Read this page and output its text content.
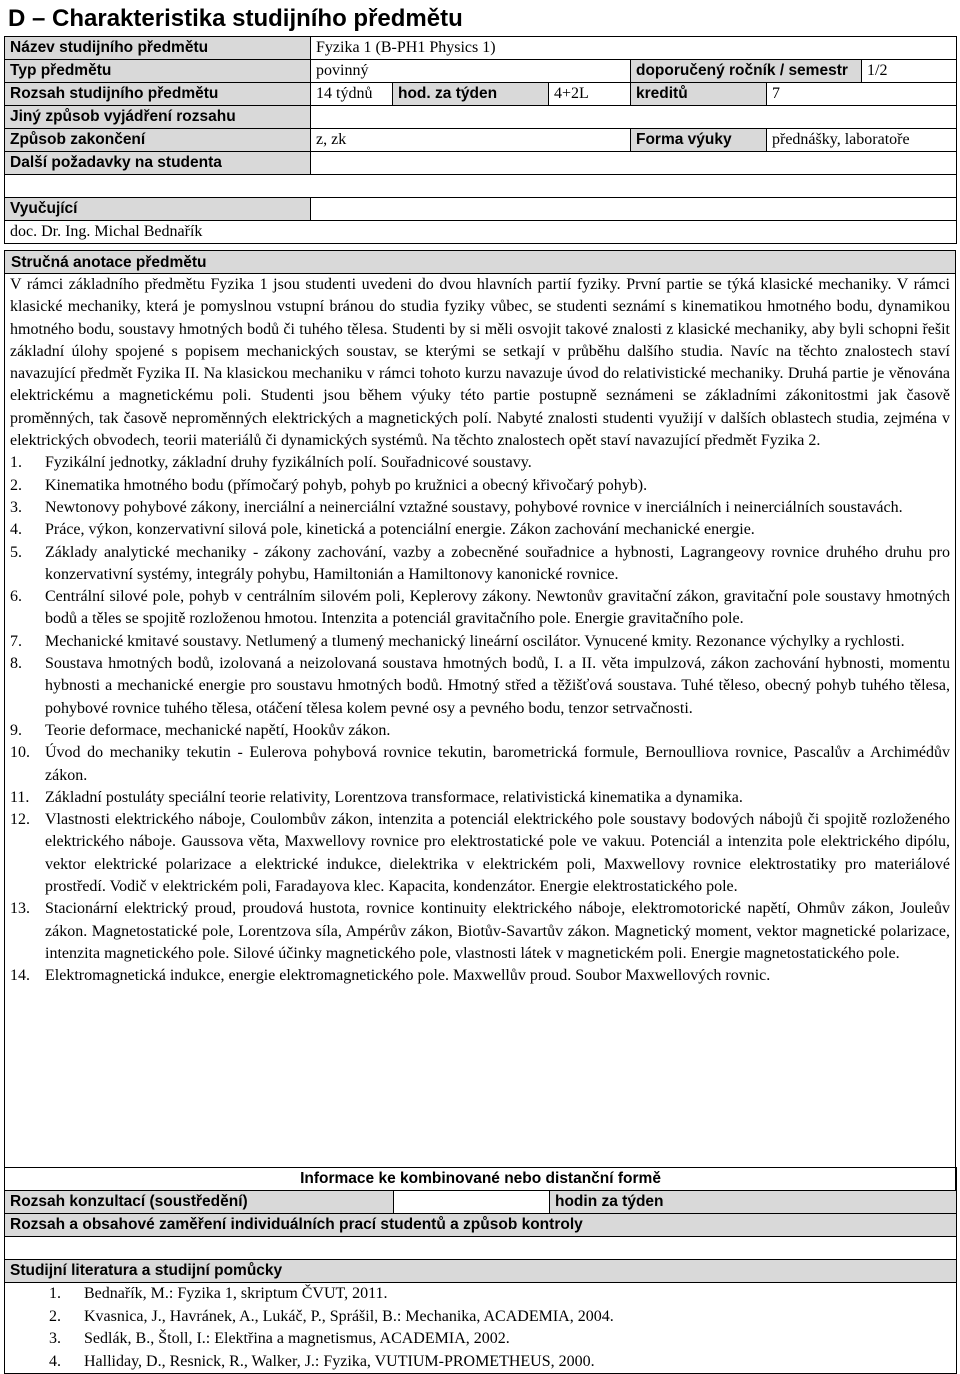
D – Charakteristika studijního předmětu
Název studijního předmětu	Fyzika 1 (B-PH1 Physics 1)					
Typ předmětu	povinný			doporučený ročník / semestr		1/2
Rozsah studijního předmětu	14 týdnů	hod. za týden	4+2L	kreditů	7	
Jiný způsob vyjádření rozsahu						
Způsob zakončení	z, zk			Forma výuky	přednášky, laboratoře	
Další požadavky na studenta						

Vyučující						
doc. Dr. Ing. Michal Bednařík						
Stručná anotace předmětu

V rámci základního předmětu Fyzika 1 jsou studenti uvedeni do dvou hlavních partií fyziky. První partie se týká klasické mechaniky. V rámci klasické mechaniky, která je pomyslnou vstupní bránou do studia fyziky vůbec, se studenti seznámí s kinematikou hmotného bodu, dynamikou hmotného bodu, soustavy hmotných bodů či tuhého tělesa. Studenti by si měli osvojit takové znalosti z klasické mechaniky, aby byli schopni řešit základní úlohy spojené s popisem mechanických soustav, se kterými se setkají v průběhu dalšího studia. Navíc na těchto znalostech staví navazující předmět Fyzika II. Na klasickou mechaniku v rámci tohoto kurzu navazuje úvod do relativistické mechaniky. Druhá partie je věnována elektrickému a magnetickému poli. Studenti jsou během výuky této partie postupně seznámeni se základními zákonitostmi jak časově proměnných, tak časově neproměnných elektrických a magnetických polí. Nabyté znalosti studenti využijí v dalších oblastech studia, zejména v elektrických obvodech, teorii materiálů či dynamických systémů. Na těchto znalostech opět staví navazující předmět Fyzika 2.

1. Fyzikální jednotky, základní druhy fyzikálních polí. Souřadnicové soustavy.
2. Kinematika hmotného bodu (přímočarý pohyb, pohyb po kružnici a obecný křivočarý pohyb).
3. Newtonovy pohybové zákony, inerciální a neinerciální vztažné soustavy, pohybové rovnice v inerciálních i neinerciálních soustavách.
4. Práce, výkon, konzervativní silová pole, kinetická a potenciální energie. Zákon zachování mechanické energie.
5. Základy analytické mechaniky - zákony zachování, vazby a zobecněné souřadnice a hybnosti, Lagrangeovy rovnice druhého druhu pro konzervativní systémy, integrály pohybu, Hamiltonián a Hamiltonovy kanonické rovnice.
6. Centrální silové pole, pohyb v centrálním silovém poli, Keplerovy zákony. Newtonův gravitační zákon, gravitační pole soustavy hmotných bodů a těles se spojitě rozloženou hmotou. Intenzita a potenciál gravitačního pole. Energie gravitačního pole.
7. Mechanické kmitavé soustavy. Netlumený a tlumený mechanický lineární oscilátor. Vynucené kmity. Rezonance výchylky a rychlosti.
8. Soustava hmotných bodů, izolovaná a neizolovaná soustava hmotných bodů, I. a II. věta impulzová, zákon zachování hybnosti, momentu hybnosti a mechanické energie pro soustavu hmotných bodů. Hmotný střed a těžišťová soustava. Tuhé těleso, obecný pohyb tuhého tělesa, pohybové rovnice tuhého tělesa, otáčení tělesa kolem pevné osy a pevného bodu, tenzor setrvačnosti.
9. Teorie deformace, mechanické napětí, Hookův zákon.
10. Úvod do mechaniky tekutin - Eulerova pohybová rovnice tekutin, barometrická formule, Bernoulliova rovnice, Pascalův a Archimédův zákon.
11. Základní postuláty speciální teorie relativity, Lorentzova transformace, relativistická kinematika a dynamika.
12. Vlastnosti elektrického náboje, Coulombův zákon, intenzita a potenciál elektrického pole soustavy bodových nábojů či spojitě rozloženého elektrického náboje. Gaussova věta, Maxwellovy rovnice pro elektrostatické pole ve vakuu. Potenciál a intenzita pole elektrického dipólu, vektor elektrické polarizace a elektrické indukce, dielektrika v elektrickém poli, Maxwellovy rovnice elektrostatiky pro materiálové prostředí. Vodič v elektrickém poli, Faradayova klec. Kapacita, kondenzátor. Energie elektrostatického pole.
13. Stacionární elektrický proud, proudová hustota, rovnice kontinuity elektrického náboje, elektromotorické napětí, Ohmův zákon, Jouleův zákon. Magnetostatické pole, Lorentzova síla, Ampérův zákon, Biotův-Savartův zákon. Magnetický moment, vektor magnetické polarizace, intenzita magnetického pole. Silové účinky magnetického pole, vlastnosti látek v magnetickém poli. Energie magnetostatického pole.
14. Elektromagnetická indukce, energie elektromagnetického pole. Maxwellův proud. Soubor Maxwellových rovnic.
Informace ke kombinované nebo distanční formě
Rozsah konzultací (soustředění)		hodin za týden
Rozsah a obsahové zaměření individuálních prací studentů a způsob kontroly

Studijní literatura a studijní pomůcky

1. Bednařík, M.: Fyzika 1, skriptum ČVUT, 2011.
2. Kvasnica, J., Havránek, A., Lukáč, P., Sprášil, B.: Mechanika, ACADEMIA, 2004.
3. Sedlák, B., Štoll, I.: Elektřina a magnetismus, ACADEMIA, 2002.
4. Halliday, D., Resnick, R., Walker, J.: Fyzika, VUTIUM-PROMETHEUS, 2000.
